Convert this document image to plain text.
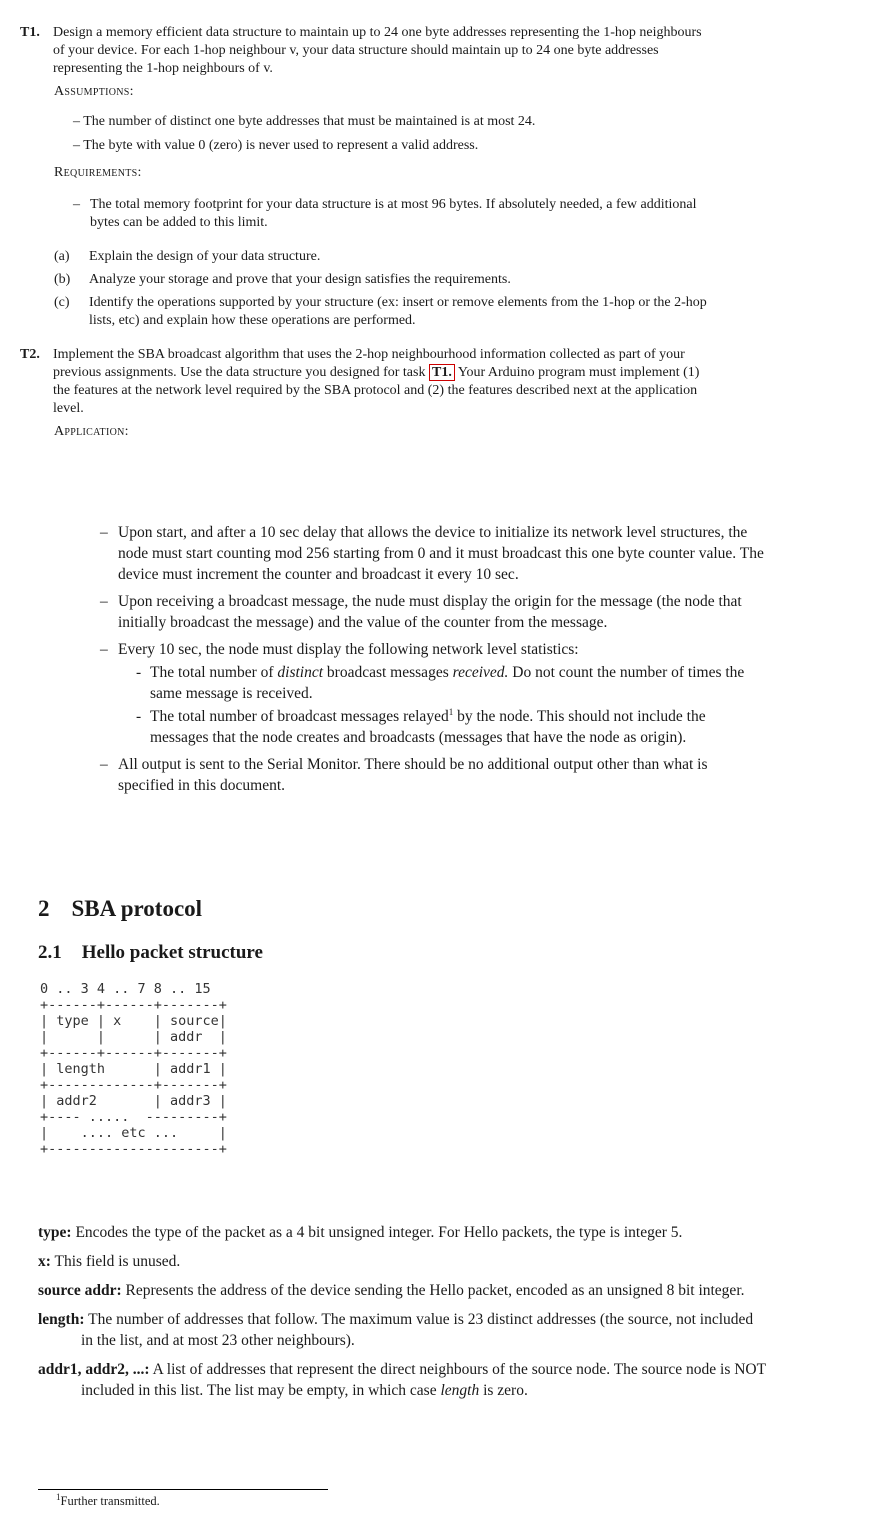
T1. Design a memory efficient data structure to maintain up to 24 one byte addresses representing the 1-hop neighbours of your device. For each 1-hop neighbour v, your data structure should maintain up to 24 one byte addresses representing the 1-hop neighbours of v.

Assumptions:

– The number of distinct one byte addresses that must be maintained is at most 24.

– The byte with value 0 (zero) is never used to represent a valid address.

Requirements:
– The total memory footprint for your data structure is at most 96 bytes. If absolutely needed, a few additional bytes can be added to this limit.

(a) Explain the design of your data structure.

(b) Analyze your storage and prove that your design satisfies the requirements.

(c) Identify the operations supported by your structure (ex: insert or remove elements from the 1-hop or the 2-hop lists, etc) and explain how these operations are performed.

T2. Implement the SBA broadcast algorithm that uses the 2-hop neighbourhood information collected as part of your previous assignments. Use the data structure you designed for task T1. Your Arduino program must implement (1) the features at the network level required by the SBA protocol and (2) the features described next at the application level.

Application:
– Upon start, and after a 10 sec delay that allows the device to initialize its network level structures, the node must start counting mod 256 starting from 0 and it must broadcast this one byte counter value. The device must increment the counter and broadcast it every 10 sec.

– Upon receiving a broadcast message, the nude must display the origin for the message (the node that initially broadcast the message) and the value of the counter from the message.

– Every 10 sec, the node must display the following network level statistics:

- The total number of distinct broadcast messages received. Do not count the number of times the same message is received.

- The total number of broadcast messages relayed$^1$ by the node. This should not include the messages that the node creates and broadcasts (messages that have the node as origin).

– All output is sent to the Serial Monitor. There should be no additional output other than what is specified in this document.

2 SBA protocol
2.1 Hello packet structure
0 .. 3 4 .. 7 8 .. 15
+------+------+-------+
| type | x    | source|
|      |      | addr  |
+------+------+-------+
| length      | addr1 |
+-------------+-------+
| addr2       | addr3 |
+---- .....  ---------+
|    .... etc ...     |
+---------------------+
type: Encodes the type of the packet as a 4 bit unsigned integer. For Hello packets, the type is integer 5.
x: This field is unused.
source addr: Represents the address of the device sending the Hello packet, encoded as an unsigned 8 bit integer.
length: The number of addresses that follow. The maximum value is 23 distinct addresses (the source, not included in the list, and at most 23 other neighbours).
addr1, addr2, ...: A list of addresses that represent the direct neighbours of the source node. The source node is NOT included in this list. The list may be empty, in which case length is zero.
$^1$Further transmitted.
